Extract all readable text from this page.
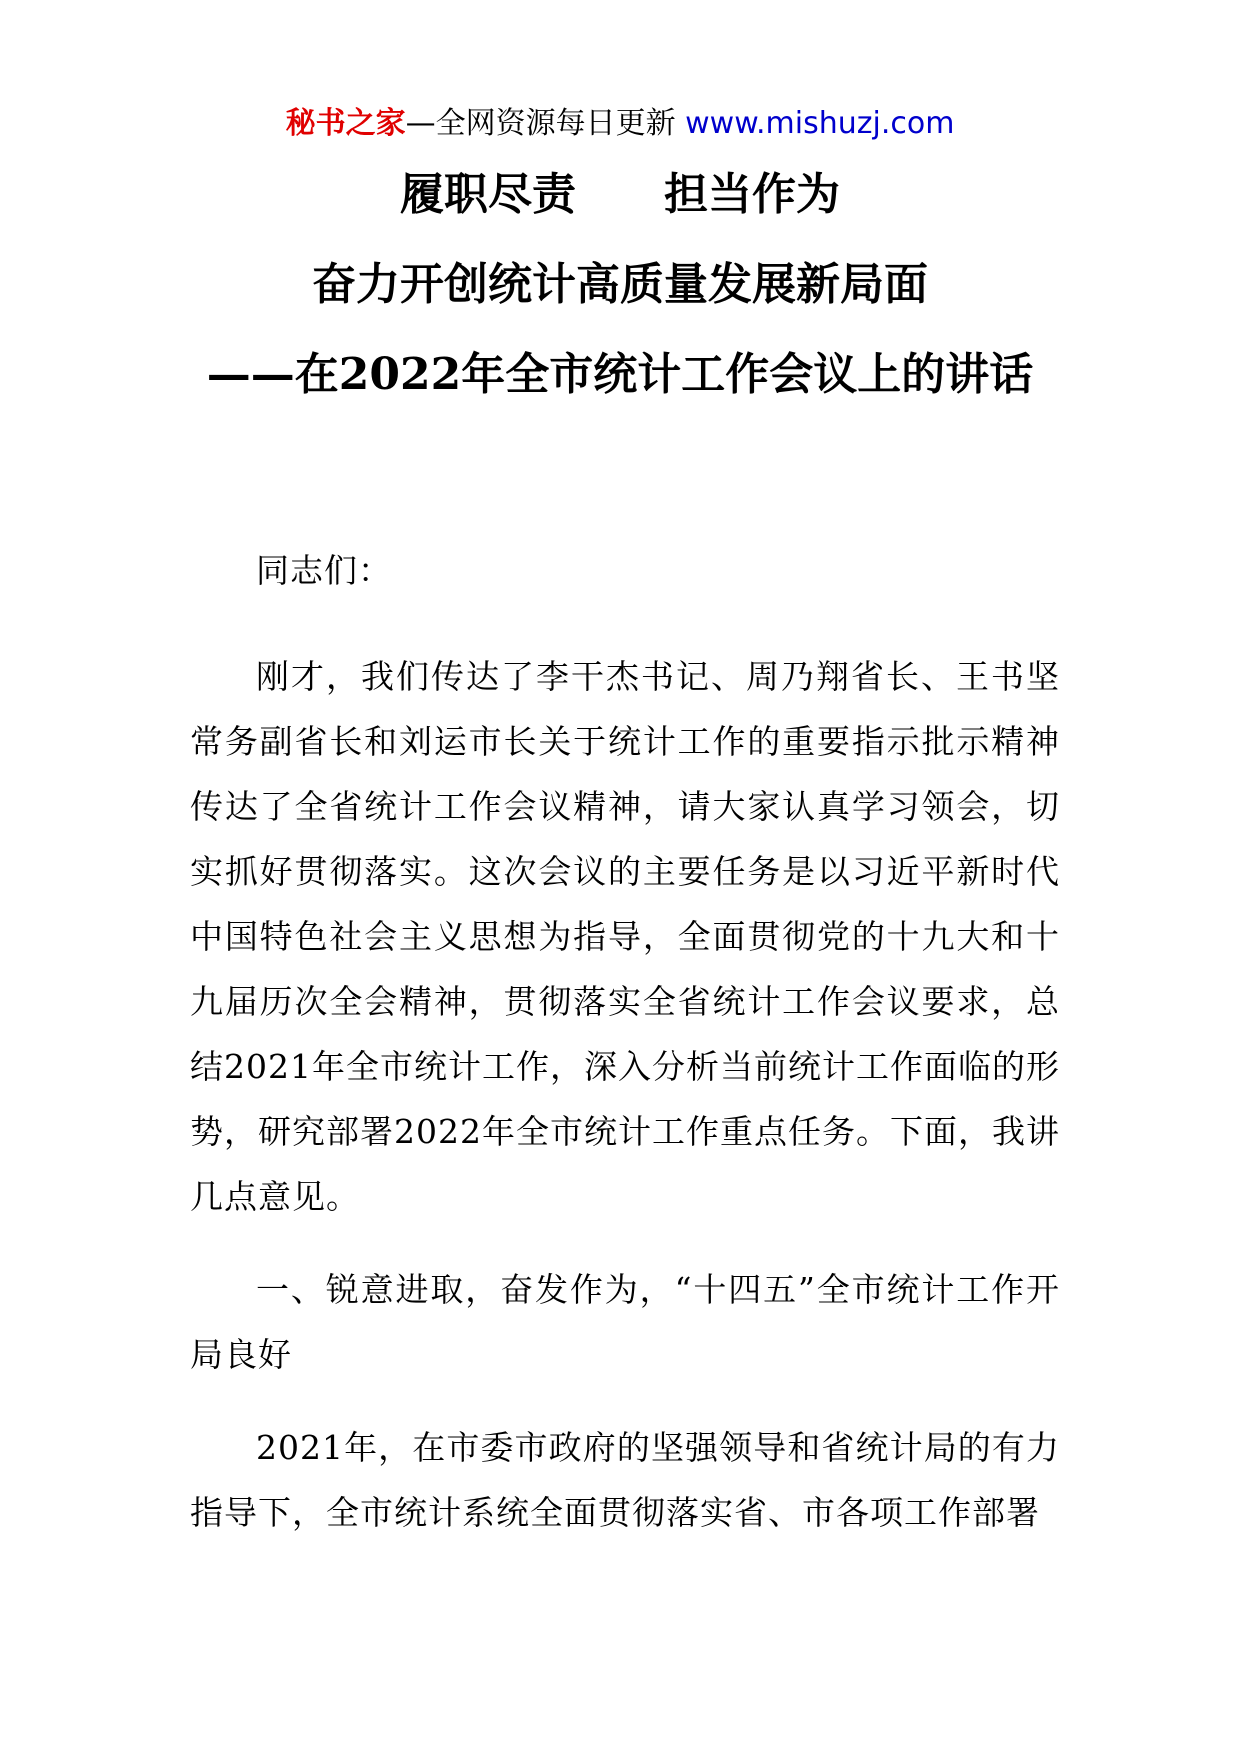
秘书之家—全网资源每日更新 www.mishuzj.com
履职尽责　　担当作为
奋力开创统计高质量发展新局面
——在2022年全市统计工作会议上的讲话

同志们：

刚才，我们传达了李干杰书记、周乃翔省长、王书坚常务副省长和刘运市长关于统计工作的重要指示批示精神传达了全省统计工作会议精神，请大家认真学习领会，切实抓好贯彻落实。这次会议的主要任务是以习近平新时代中国特色社会主义思想为指导，全面贯彻党的十九大和十九届历次全会精神，贯彻落实全省统计工作会议要求，总结2021年全市统计工作，深入分析当前统计工作面临的形势，研究部署2022年全市统计工作重点任务。下面，我讲几点意见。

一、锐意进取，奋发作为，“十四五”全市统计工作开局良好

2021年，在市委市政府的坚强领导和省统计局的有力指导下，全市统计系统全面贯彻落实省、市各项工作部署
